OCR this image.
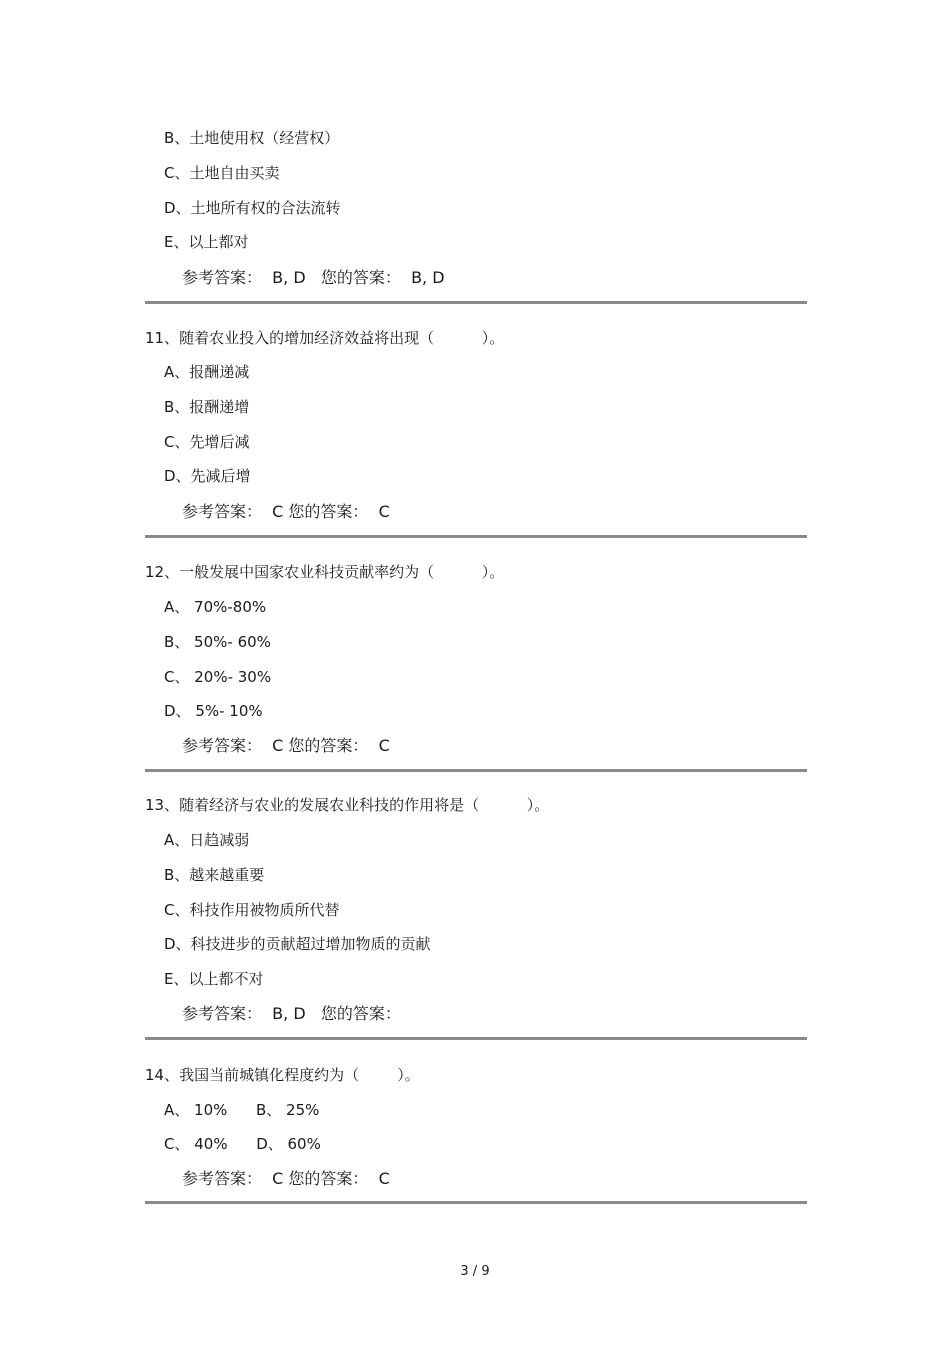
B、土地使用权（经营权）

C、土地自由买卖

D、土地所有权的合法流转

E、以上都对

参考答案：  B, D   您的答案：  B, D

11、随着农业投入的增加经济效益将出现（          ）。

A、报酬递减

B、报酬递增

C、先增后减

D、先减后增

参考答案：  C 您的答案：  C

12、一般发展中国家农业科技贡献率约为（          ）。

A、 70%-80%

B、 50%- 60%

C、 20%- 30%

D、 5%- 10%

参考答案：  C 您的答案：  C

13、随着经济与农业的发展农业科技的作用将是（          ）。

A、日趋减弱

B、越来越重要

C、科技作用被物质所代替

D、科技进步的贡献超过增加物质的贡献

E、以上都不对

参考答案：  B, D   您的答案：

14、我国当前城镇化程度约为（        ）。

A、 10%      B、 25%

C、 40%      D、 60%

参考答案：  C 您的答案：  C

3 / 9
